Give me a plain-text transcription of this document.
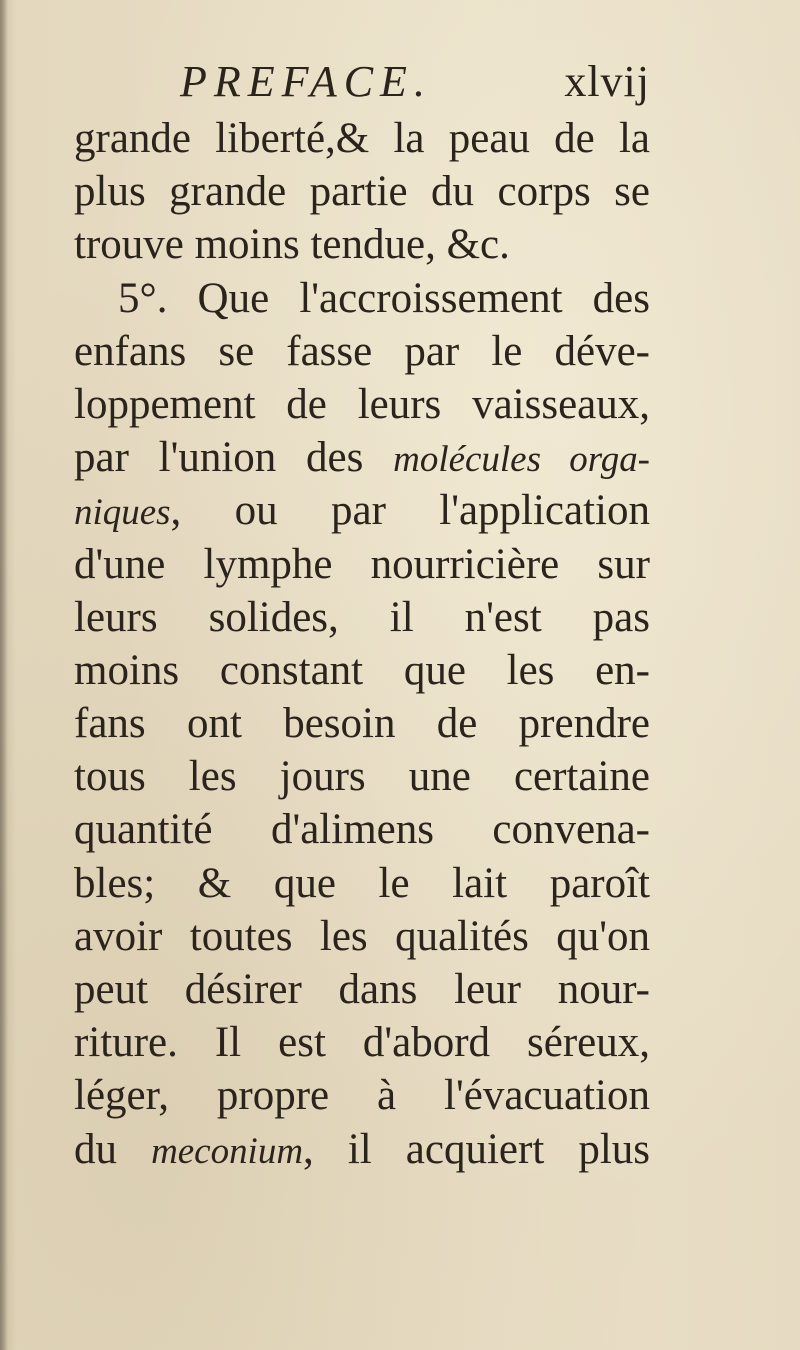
PREFACE.	xlvij
grande liberté,& la peau de la
plus grande partie du corps se
trouve moins tendue, &c.
5°. Que l'accroissement des
enfans se fasse par le déve-
loppement de leurs vaisseaux,
par l'union des molécules orga-
niques, ou par l'application
d'une lymphe nourricière sur
leurs solides, il n'est pas
moins constant que les en-
fans ont besoin de prendre
tous les jours une certaine
quantité d'alimens convena-
bles; & que le lait paroît
avoir toutes les qualités qu'on
peut désirer dans leur nour-
riture. Il est d'abord séreux,
léger, propre à l'évacuation
du meconium, il acquiert plus
